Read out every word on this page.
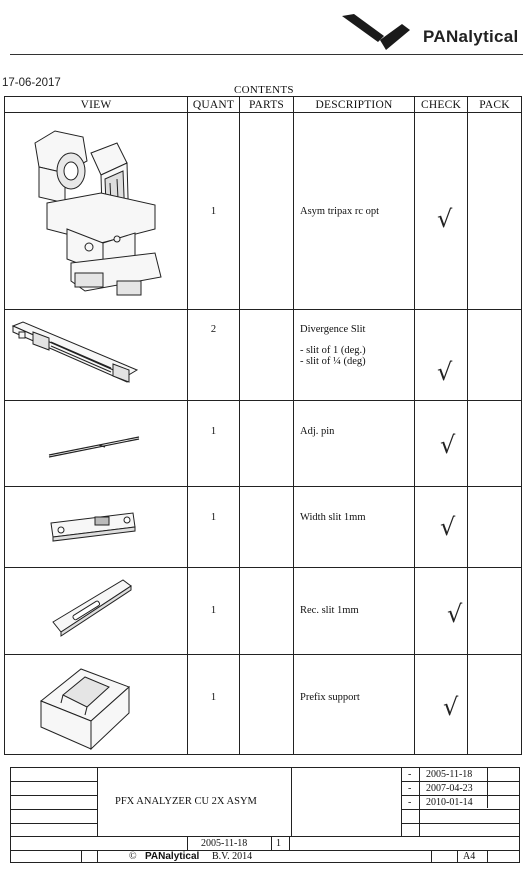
PANalytical
17-06-2017
CONTENTS
VIEW	QUANT	PARTS	DESCRIPTION	CHECK	PACK

1		Asym tripax rc opt	√	

2		Divergence Slit
- slit of 1 (deg.)
- slit of ¼ (deg)	√	

1		Adj. pin	√	

1		Width slit 1mm	√	

1		Rec. slit 1mm	√	

1		Prefix support	√	

PFX ANALYZER CU 2X ASYM
- 2005-11-18
- 2007-04-23
- 2010-01-14
2005-11-18	1
© PANalytical B.V. 2014	A4
